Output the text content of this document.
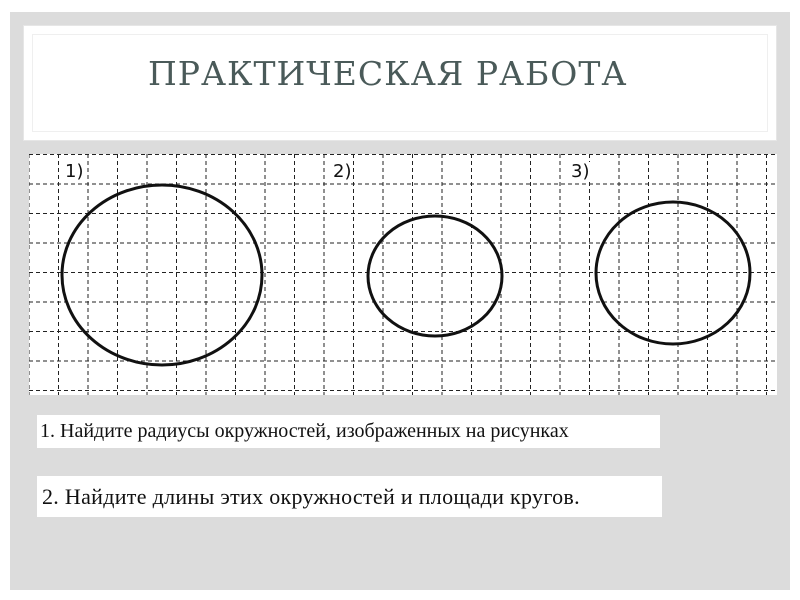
ПРАКТИЧЕСКАЯ РАБОТА
1)	2)	3)
1. Найдите радиусы окружностей, изображенных на рисунках
2. Найдите длины этих окружностей и площади кругов.
